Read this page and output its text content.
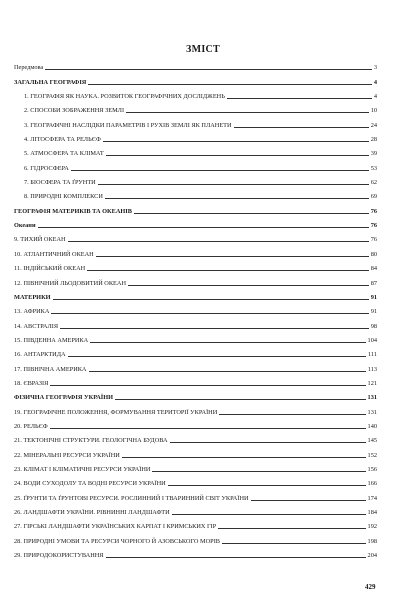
ЗМІСТ
Передмова	3
ЗАГАЛЬНА ГЕОГРАФІЯ	4
1. ГЕОГРАФІЯ ЯК НАУКА. РОЗВИТОК ГЕОГРАФІЧНИХ ДОСЛІДЖЕНЬ	4
2. СПОСОБИ ЗОБРАЖЕННЯ ЗЕМЛІ	10
3. ГЕОГРАФІЧНІ НАСЛІДКИ ПАРАМЕТРІВ І РУХІВ ЗЕМЛІ ЯК ПЛАНЕТИ	24
4. ЛІТОСФЕРА ТА РЕЛЬЄФ	28
5. АТМОСФЕРА ТА КЛІМАТ	39
6. ГІДРОСФЕРА	53
7. БІОСФЕРА ТА ҐРУНТИ	62
8. ПРИРОДНІ КОМПЛЕКСИ	69
ГЕОГРАФІЯ МАТЕРИКІВ ТА ОКЕАНІВ	76
Океани	76
9. ТИХИЙ ОКЕАН	76
10. АТЛАНТИЧНИЙ ОКЕАН	80
11. ІНДІЙСЬКИЙ ОКЕАН	84
12. ПІВНІЧНИЙ ЛЬОДОВИТИЙ ОКЕАН	87
МАТЕРИКИ	91
13. АФРИКА	91
14. АВСТРАЛІЯ	98
15. ПІВДЕННА АМЕРИКА	104
16. АНТАРКТИДА	111
17. ПІВНІЧНА АМЕРИКА	113
18. ЄВРАЗІЯ	121
ФІЗИЧНА ГЕОГРАФІЯ УКРАЇНИ	131
19. ГЕОГРАФІЧНЕ ПОЛОЖЕННЯ, ФОРМУВАННЯ ТЕРИТОРІЇ УКРАЇНИ	131
20. РЕЛЬЄФ	140
21. ТЕКТОНІЧНІ СТРУКТУРИ. ГЕОЛОГІЧНА БУДОВА	145
22. МІНЕРАЛЬНІ РЕСУРСИ УКРАЇНИ	152
23. КЛІМАТ І КЛІМАТИЧНІ РЕСУРСИ УКРАЇНИ	156
24. ВОДИ СУХОДОЛУ ТА ВОДНІ РЕСУРСИ УКРАЇНИ	166
25. ҐРУНТИ ТА ҐРУНТОВІ РЕСУРСИ. РОСЛИННИЙ І ТВАРИННИЙ СВІТ УКРАЇНИ	174
26. ЛАНДШАФТИ УКРАЇНИ. РІВНИННІ ЛАНДШАФТИ	184
27. ГІРСЬКІ ЛАНДШАФТИ УКРАЇНСЬКИХ КАРПАТ І КРИМСЬКИХ ГІР	192
28. ПРИРОДНІ УМОВИ ТА РЕСУРСИ ЧОРНОГО Й АЗОВСЬКОГО МОРІВ	198
29. ПРИРОДОКОРИСТУВАННЯ	204
429
